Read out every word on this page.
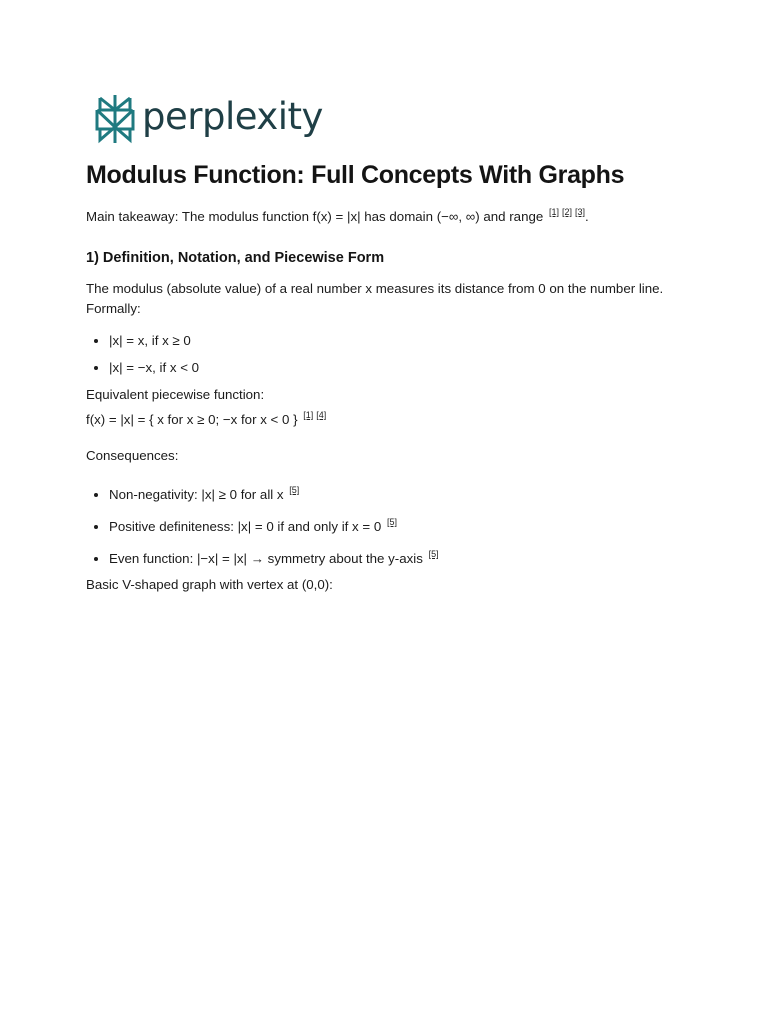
perplexity
Modulus Function: Full Concepts With Graphs

Main takeaway: The modulus function f(x) = |x| has domain (−∞, ∞) and range [1] [2] [3].

1) Definition, Notation, and Piecewise Form

The modulus (absolute value) of a real number x measures its distance from 0 on the number line. Formally:

• |x| = x, if x ≥ 0
• |x| = −x, if x < 0
Equivalent piecewise function:
f(x) = |x| = { x for x ≥ 0; −x for x < 0 } [1] [4]

Consequences:

• Non-negativity: |x| ≥ 0 for all x [5]
• Positive definiteness: |x| = 0 if and only if x = 0 [5]
• Even function: |−x| = |x| → symmetry about the y-axis [5]
Basic V-shaped graph with vertex at (0,0):
